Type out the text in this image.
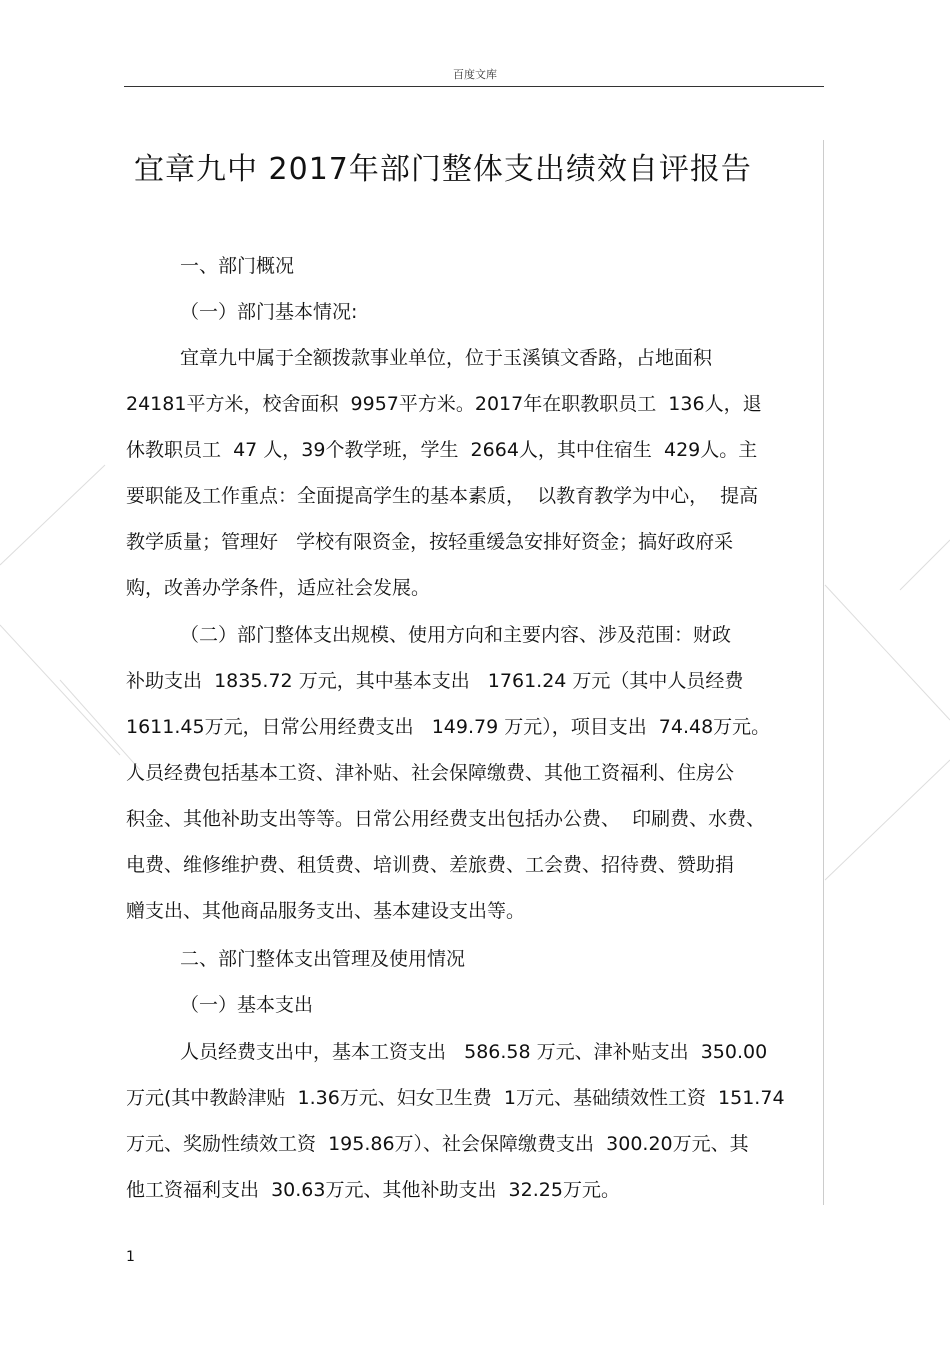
百度文库
宜章九中 2017年部门整体支出绩效自评报告
一、部门概况
（一）部门基本情况:
宜章九中属于全额拨款事业单位，位于玉溪镇文香路，占地面积
24181平方米，校舍面积  9957平方米。2017年在职教职员工  136人，退
休教职员工  47 人，39个教学班，学生  2664人，其中住宿生  429人。主
要职能及工作重点：全面提高学生的基本素质，  以教育教学为中心，  提高
教学质量；管理好   学校有限资金，按轻重缓急安排好资金；搞好政府采
购，改善办学条件，适应社会发展。
（二）部门整体支出规模、使用方向和主要内容、涉及范围：财政
补助支出  1835.72 万元，其中基本支出   1761.24 万元（其中人员经费
1611.45万元，日常公用经费支出   149.79 万元），项目支出  74.48万元。
人员经费包括基本工资、津补贴、社会保障缴费、其他工资福利、住房公
积金、其他补助支出等等。日常公用经费支出包括办公费、  印刷费、水费、
电费、维修维护费、租赁费、培训费、差旅费、工会费、招待费、赞助捐
赠支出、其他商品服务支出、基本建设支出等。
二、部门整体支出管理及使用情况
（一）基本支出
人员经费支出中，基本工资支出   586.58 万元、津补贴支出  350.00
万元(其中教龄津贴  1.36万元、妇女卫生费  1万元、基础绩效性工资  151.74
万元、奖励性绩效工资  195.86万）、社会保障缴费支出  300.20万元、其
他工资福利支出  30.63万元、其他补助支出  32.25万元。
1
